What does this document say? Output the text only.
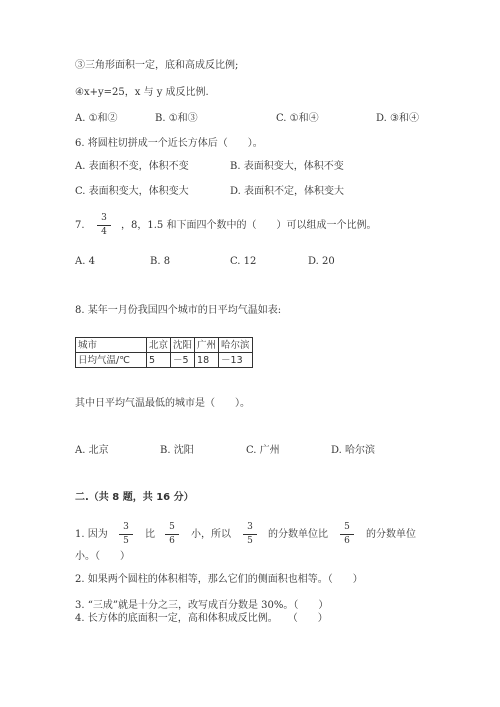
③三角形面积一定，底和高成反比例;
④x+y=25，x 与 y 成反比例.
A. ①和②	B. ①和③	C. ①和④	D. ③和④
6. 将圆柱切拼成一个近长方体后（　　）。
A. 表面积不变，体积不变	B. 表面积变大，体积不变
C. 表面积变大，体积变大	D. 表面积不定，体积变大
7. $\frac{3}{4}$ ，8，1.5 和下面四个数中的（　　）可以组成一个比例。
A. 4	B. 8	C. 12	D. 20
8. 某年一月份我国四个城市的日平均气温如表:
城市	北京	沈阳	广州	哈尔滨
日均气温/℃	5	－5	18	－13
其中日平均气温最低的城市是（　　）。
A. 北京	B. 沈阳	C. 广州	D. 哈尔滨
二.（共 8 题，共 16 分）
1. 因为 $\frac{3}{5}$ 比 $\frac{5}{6}$ 小，所以 $\frac{3}{5}$ 的分数单位比 $\frac{5}{6}$ 的分数单位
小。（　　）
2. 如果两个圆柱的体积相等，那么它们的侧面积也相等。（　　）
3. “三成”就是十分之三，改写成百分数是 30%。（　　）
4. 长方体的底面积一定，高和体积成反比例。　　（　　）
